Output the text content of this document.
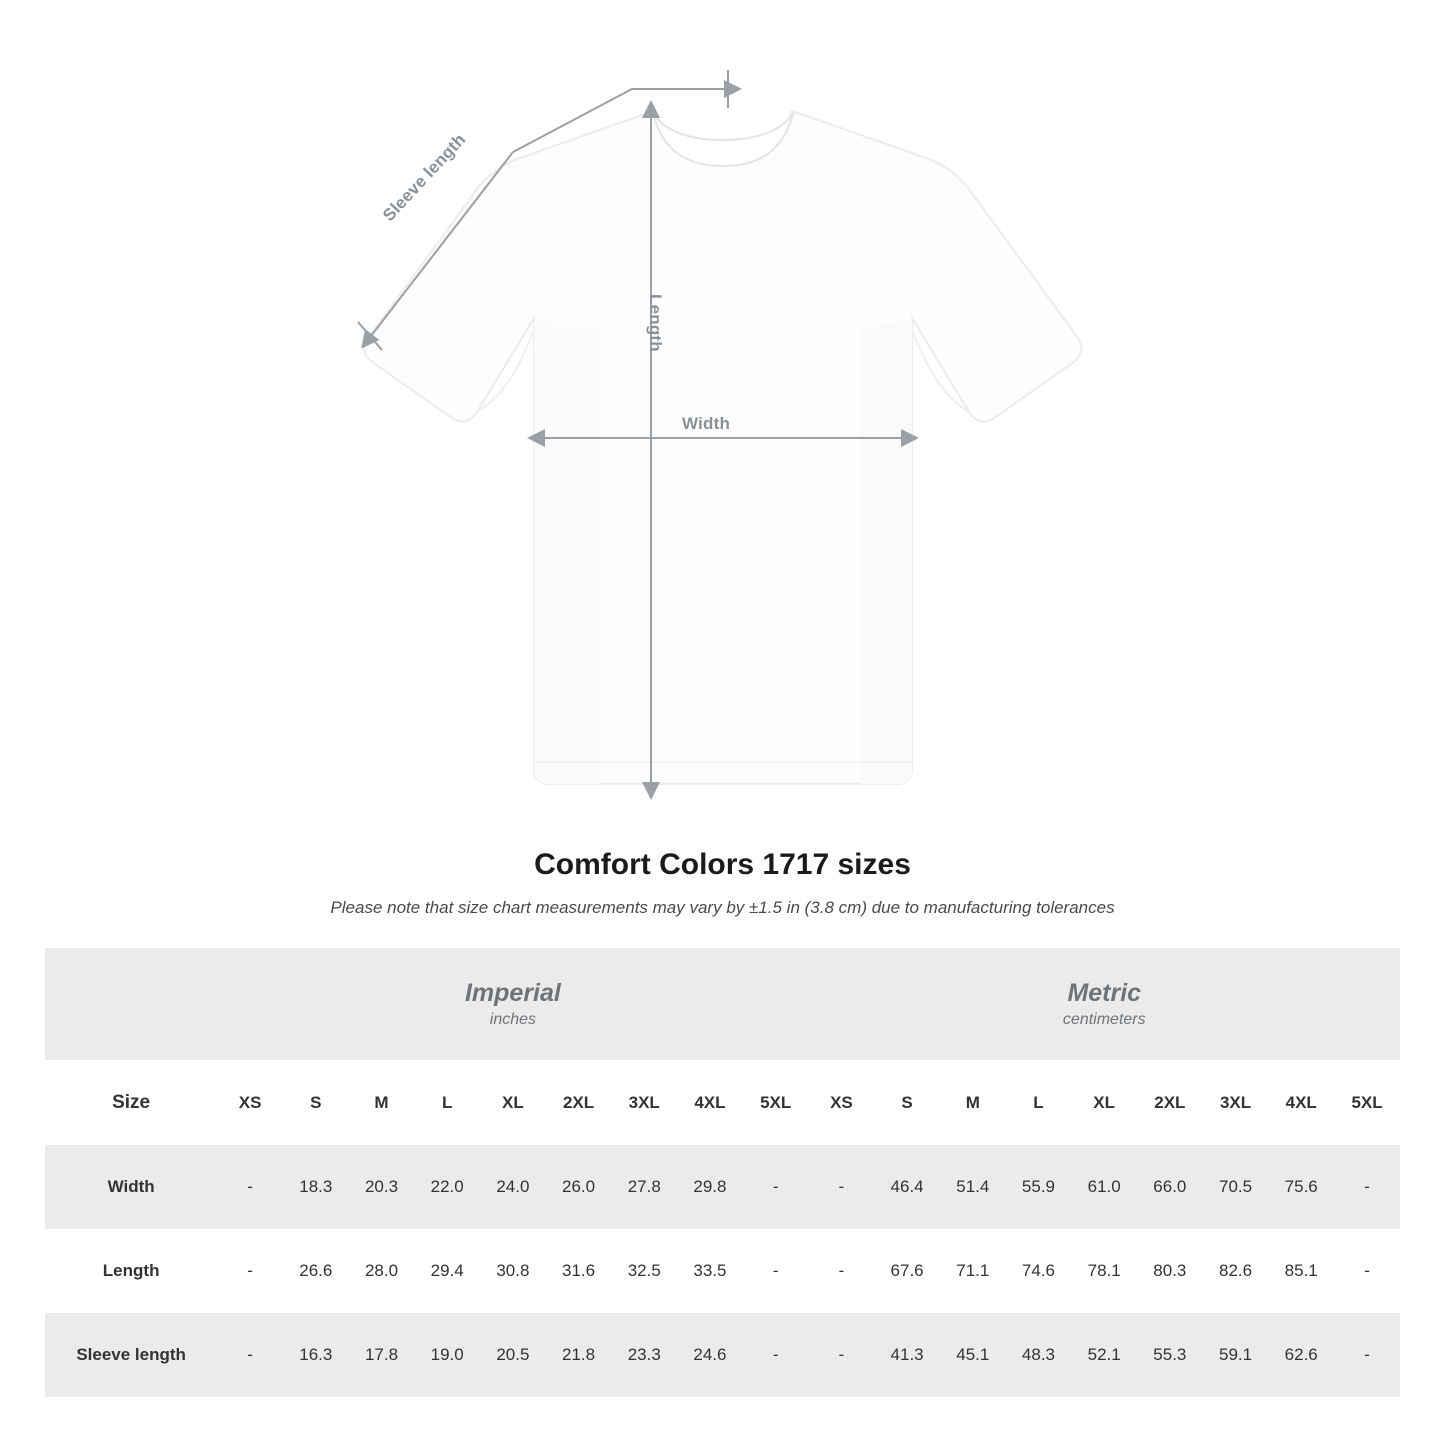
Width
Length
Sleeve length
Comfort Colors 1717 sizes

Please note that size chart measurements may vary by ±1.5 in (3.8 cm) due to manufacturing tolerances

	Imperial
inches									Metric
centimeters								

Size	XS	S	M	L	XL	2XL	3XL	4XL	5XL	XS	S	M	L	XL	2XL	3XL	4XL	5XL
Width	-	18.3	20.3	22.0	24.0	26.0	27.8	29.8	-	-	46.4	51.4	55.9	61.0	66.0	70.5	75.6	-
Length	-	26.6	28.0	29.4	30.8	31.6	32.5	33.5	-	-	67.6	71.1	74.6	78.1	80.3	82.6	85.1	-
Sleeve length	-	16.3	17.8	19.0	20.5	21.8	23.3	24.6	-	-	41.3	45.1	48.3	52.1	55.3	59.1	62.6	-
